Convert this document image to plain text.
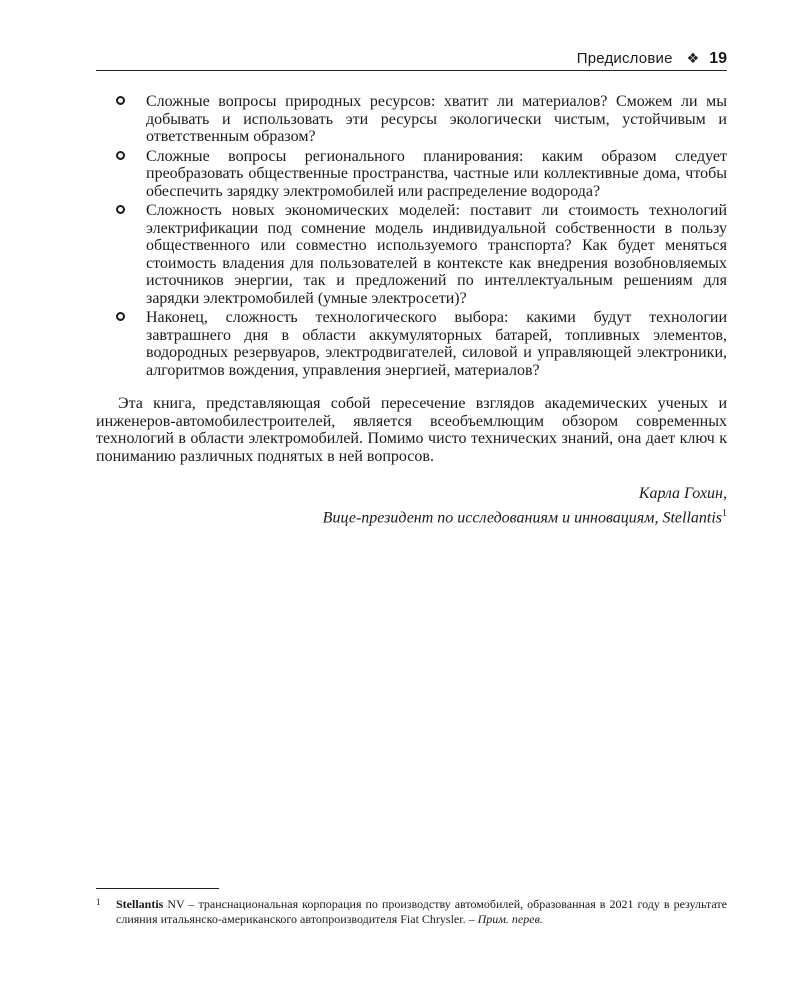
Предисловие ❖ 19
Сложные вопросы природных ресурсов: хватит ли материалов? Сможем ли мы добывать и использовать эти ресурсы экологически чистым, устойчивым и ответственным образом?
Сложные вопросы регионального планирования: каким образом следует преобразовать общественные пространства, частные или коллективные дома, чтобы обеспечить зарядку электромобилей или распределение водорода?
Сложность новых экономических моделей: поставит ли стоимость технологий электрификации под сомнение модель индивидуальной собственности в пользу общественного или совместно используемого транспорта? Как будет меняться стоимость владения для пользователей в контексте как внедрения возобновляемых источников энергии, так и предложений по интеллектуальным решениям для зарядки электромобилей (умные электросети)?
Наконец, сложность технологического выбора: какими будут технологии завтрашнего дня в области аккумуляторных батарей, топливных элементов, водородных резервуаров, электродвигателей, силовой и управляющей электроники, алгоритмов вождения, управления энергией, материалов?

Эта книга, представляющая собой пересечение взглядов академических ученых и инженеров-автомобилестроителей, является всеобъемлющим обзором современных технологий в области электромобилей. Помимо чисто технических знаний, она дает ключ к пониманию различных поднятых в ней вопросов.

Карла Гохин,
Вице-президент по исследованиям и инновациям, Stellantis$^1$
1 Stellantis NV – транснациональная корпорация по производству автомобилей, образованная в 2021 году в результате слияния итальянско-американского автопроизводителя Fiat Chrysler. – Прим. перев.
